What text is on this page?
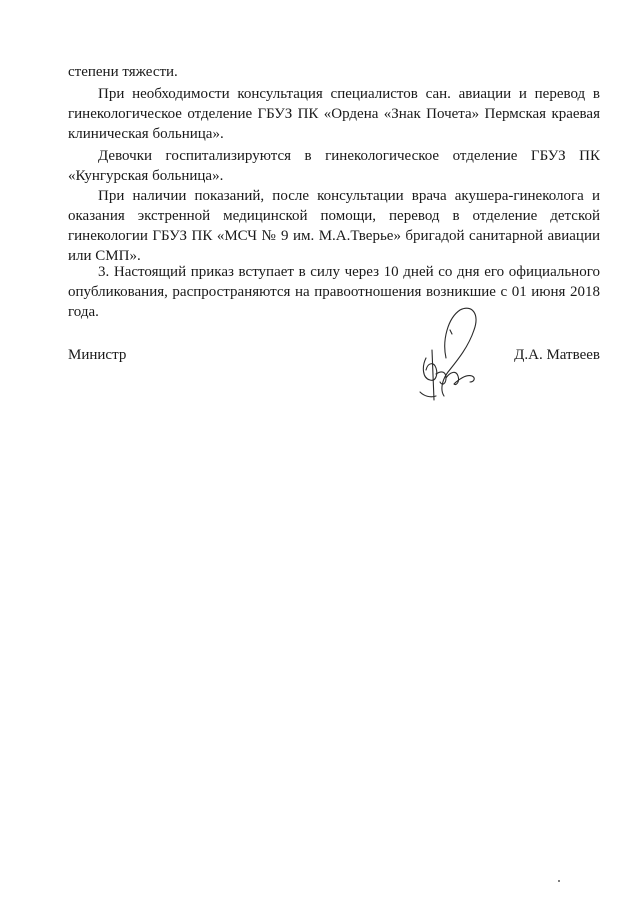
степени тяжести.

При необходимости консультация специалистов сан. авиации и перевод в гинекологическое отделение ГБУЗ ПК «Ордена «Знак Почета» Пермская краевая клиническая больница».

Девочки госпитализируются в гинекологическое отделение ГБУЗ ПК «Кунгурская больница».

При наличии показаний, после консультации врача акушера-гинеколога и оказания экстренной медицинской помощи, перевод в отделение детской гинекологии ГБУЗ ПК «МСЧ № 9 им. М.А.Тверье» бригадой санитарной авиации или СМП».

3. Настоящий приказ вступает в силу через 10 дней со дня его официального опубликования, распространяются на правоотношения возникшие с 01 июня 2018 года.

Министр	Д.А. Матвеев
